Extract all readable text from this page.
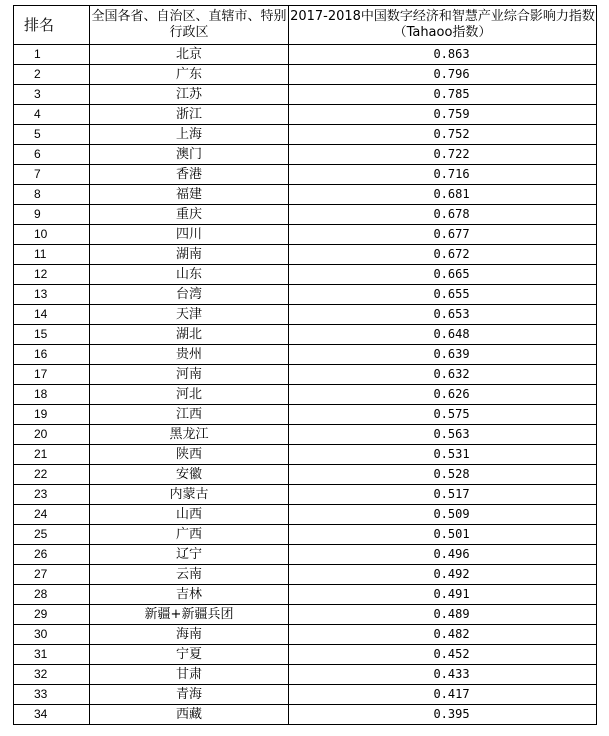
排名	全国各省、自治区、直辖市、特别行政区	2017-2018中国数字经济和智慧产业综合影响力指数（Tahaoo指数）
1	北京	0.863
2	广东	0.796
3	江苏	0.785
4	浙江	0.759
5	上海	0.752
6	澳门	0.722
7	香港	0.716
8	福建	0.681
9	重庆	0.678
10	四川	0.677
11	湖南	0.672
12	山东	0.665
13	台湾	0.655
14	天津	0.653
15	湖北	0.648
16	贵州	0.639
17	河南	0.632
18	河北	0.626
19	江西	0.575
20	黑龙江	0.563
21	陕西	0.531
22	安徽	0.528
23	内蒙古	0.517
24	山西	0.509
25	广西	0.501
26	辽宁	0.496
27	云南	0.492
28	吉林	0.491
29	新疆+新疆兵团	0.489
30	海南	0.482
31	宁夏	0.452
32	甘肃	0.433
33	青海	0.417
34	西藏	0.395
